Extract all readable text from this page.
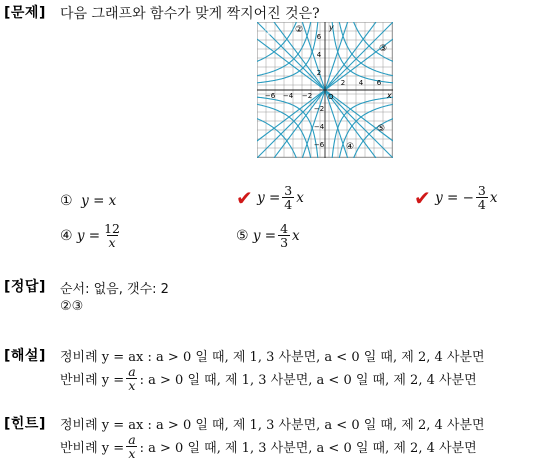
[문제] 다음 그래프와 함수가 맞게 짝지어진 것은?
−6 −4 −2
2 4 6
6
4
2
−2
−4
−6
x
y
O
①	②
③
④
⑤
① y = x	✔
$y = \frac{3}{4}$ x	✔
y = − $\frac{3}{4}$ x
④
$y = \frac{12}{x}$	⑤
$y = \frac{4}{3}$ x
[정답] 순서: 없음, 갯수: 2
②③
[해설] 정비례 y = ax : a > 0 일 때, 제 1, 3 사분면, a < 0 일 때, 제 2, 4 사분면
반비례 $y = \frac{a}{x}$ : a > 0 일 때, 제 1, 3 사분면, a < 0 일 때, 제 2, 4 사분면
[힌트] 정비례 y = ax : a > 0 일 때, 제 1, 3 사분면, a < 0 일 때, 제 2, 4 사분면
반비례 $y = \frac{a}{x}$ : a > 0 일 때, 제 1, 3 사분면, a < 0 일 때, 제 2, 4 사분면
